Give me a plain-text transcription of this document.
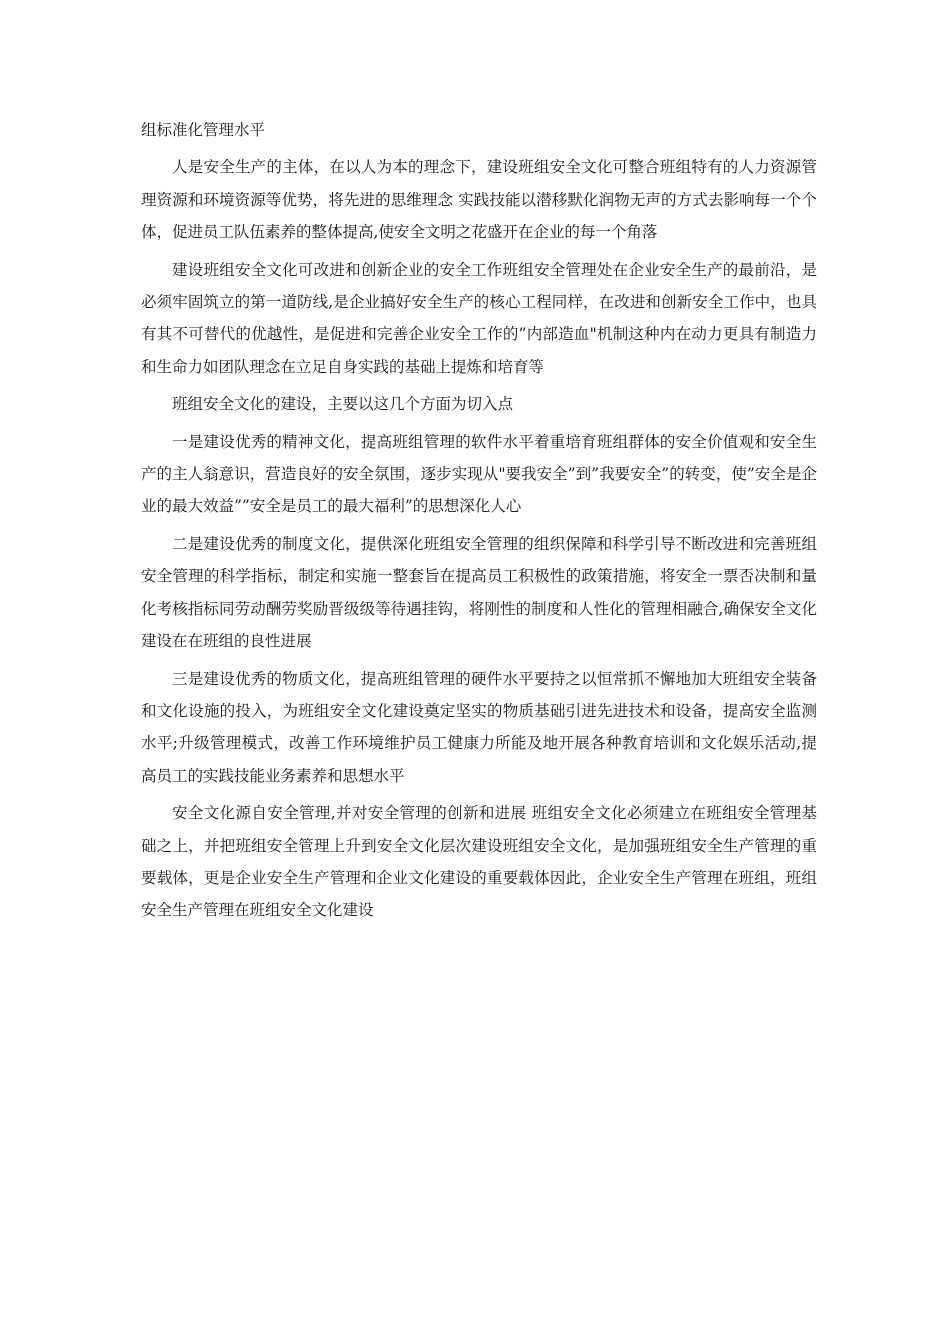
组标准化管理水平

人是安全生产的主体，在以人为本的理念下，建设班组安全文化可整合班组特有的人力资源管理资源和环境资源等优势，将先进的思维理念 实践技能以潜移默化润物无声的方式去影响每一个个体，促进员工队伍素养的整体提高,使安全文明之花盛开在企业的每一个角落

建设班组安全文化可改进和创新企业的安全工作班组安全管理处在企业安全生产的最前沿，是必须牢固筑立的第一道防线,是企业搞好安全生产的核心工程同样，在改进和创新安全工作中，也具有其不可替代的优越性，是促进和完善企业安全工作的”内部造血"机制这种内在动力更具有制造力和生命力如团队理念在立足自身实践的基础上提炼和培育等

班组安全文化的建设，主要以这几个方面为切入点

一是建设优秀的精神文化，提高班组管理的软件水平着重培育班组群体的安全价值观和安全生产的主人翁意识，营造良好的安全氛围，逐步实现从"要我安全”到”我要安全”的转变，使”安全是企业的最大效益””安全是员工的最大福利”的思想深化人心

二是建设优秀的制度文化，提供深化班组安全管理的组织保障和科学引导不断改进和完善班组安全管理的科学指标，制定和实施一整套旨在提高员工积极性的政策措施，将安全一票否决制和量化考核指标同劳动酬劳奖励晋级级等待遇挂钩，将刚性的制度和人性化的管理相融合,确保安全文化建设在在班组的良性进展

三是建设优秀的物质文化，提高班组管理的硬件水平要持之以恒常抓不懈地加大班组安全装备和文化设施的投入，为班组安全文化建设奠定坚实的物质基础引进先进技术和设备，提高安全监测水平;升级管理模式，改善工作环境维护员工健康力所能及地开展各种教育培训和文化娱乐活动,提高员工的实践技能业务素养和思想水平

安全文化源自安全管理,并对安全管理的创新和进展 班组安全文化必须建立在班组安全管理基础之上，并把班组安全管理上升到安全文化层次建设班组安全文化，是加强班组安全生产管理的重要载体，更是企业安全生产管理和企业文化建设的重要载体因此，企业安全生产管理在班组，班组安全生产管理在班组安全文化建设
